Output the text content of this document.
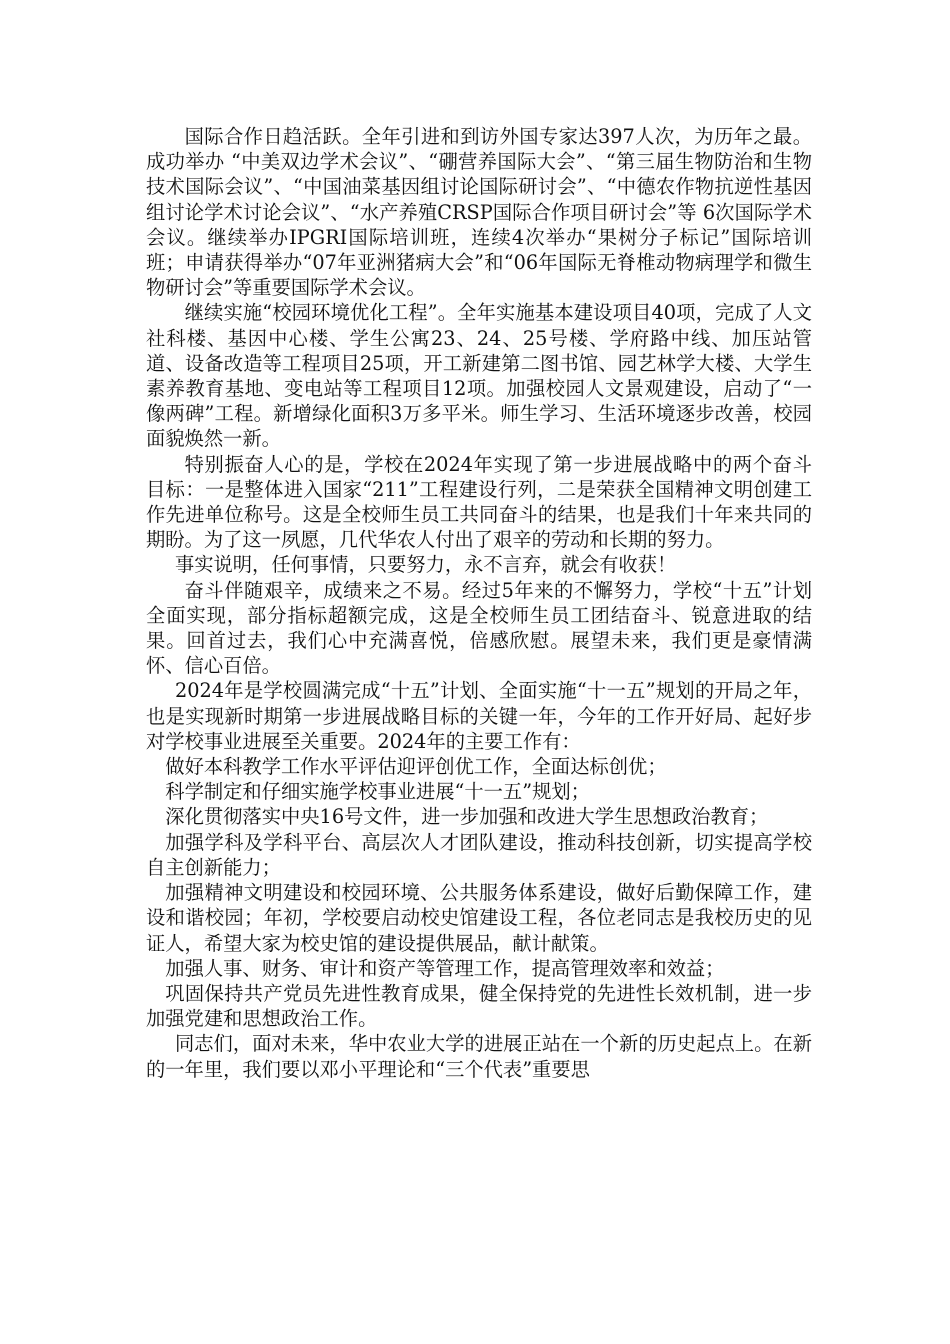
国际合作日趋活跃。全年引进和到访外国专家达397人次，为历年之最。成功举办 “中美双边学术会议”、“硼营养国际大会”、“第三届生物防治和生物技术国际会议”、“中国油菜基因组讨论国际研讨会”、“中德农作物抗逆性基因组讨论学术讨论会议”、“水产养殖CRSP国际合作项目研讨会”等 6次国际学术会议。继续举办IPGRI国际培训班，连续4次举办“果树分子标记”国际培训班；申请获得举办“07年亚洲猪病大会”和“06年国际无脊椎动物病理学和微生物研讨会”等重要国际学术会议。

继续实施“校园环境优化工程”。全年实施基本建设项目40项，完成了人文社科楼、基因中心楼、学生公寓23、24、25号楼、学府路中线、加压站管道、设备改造等工程项目25项，开工新建第二图书馆、园艺林学大楼、大学生素养教育基地、变电站等工程项目12项。加强校园人文景观建设，启动了“一像两碑”工程。新增绿化面积3万多平米。师生学习、生活环境逐步改善，校园面貌焕然一新。

特别振奋人心的是，学校在2024年实现了第一步进展战略中的两个奋斗目标：一是整体进入国家“211”工程建设行列，二是荣获全国精神文明创建工作先进单位称号。这是全校师生员工共同奋斗的结果，也是我们十年来共同的期盼。为了这一夙愿，几代华农人付出了艰辛的劳动和长期的努力。

事实说明，任何事情，只要努力，永不言弃，就会有收获！

奋斗伴随艰辛，成绩来之不易。经过5年来的不懈努力，学校“十五”计划全面实现，部分指标超额完成，这是全校师生员工团结奋斗、锐意进取的结果。回首过去，我们心中充满喜悦，倍感欣慰。展望未来，我们更是豪情满怀、信心百倍。

2024年是学校圆满完成“十五”计划、全面实施“十一五”规划的开局之年，也是实现新时期第一步进展战略目标的关键一年，今年的工作开好局、起好步对学校事业进展至关重要。2024年的主要工作有：

做好本科教学工作水平评估迎评创优工作，全面达标创优；

科学制定和仔细实施学校事业进展“十一五”规划；

深化贯彻落实中央16号文件，进一步加强和改进大学生思想政治教育；

加强学科及学科平台、高层次人才团队建设，推动科技创新，切实提高学校自主创新能力；

加强精神文明建设和校园环境、公共服务体系建设，做好后勤保障工作，建设和谐校园；年初，学校要启动校史馆建设工程，各位老同志是我校历史的见证人，希望大家为校史馆的建设提供展品，献计献策。

加强人事、财务、审计和资产等管理工作，提高管理效率和效益；

巩固保持共产党员先进性教育成果，健全保持党的先进性长效机制，进一步加强党建和思想政治工作。

同志们，面对未来，华中农业大学的进展正站在一个新的历史起点上。在新的一年里，我们要以邓小平理论和“三个代表”重要思
